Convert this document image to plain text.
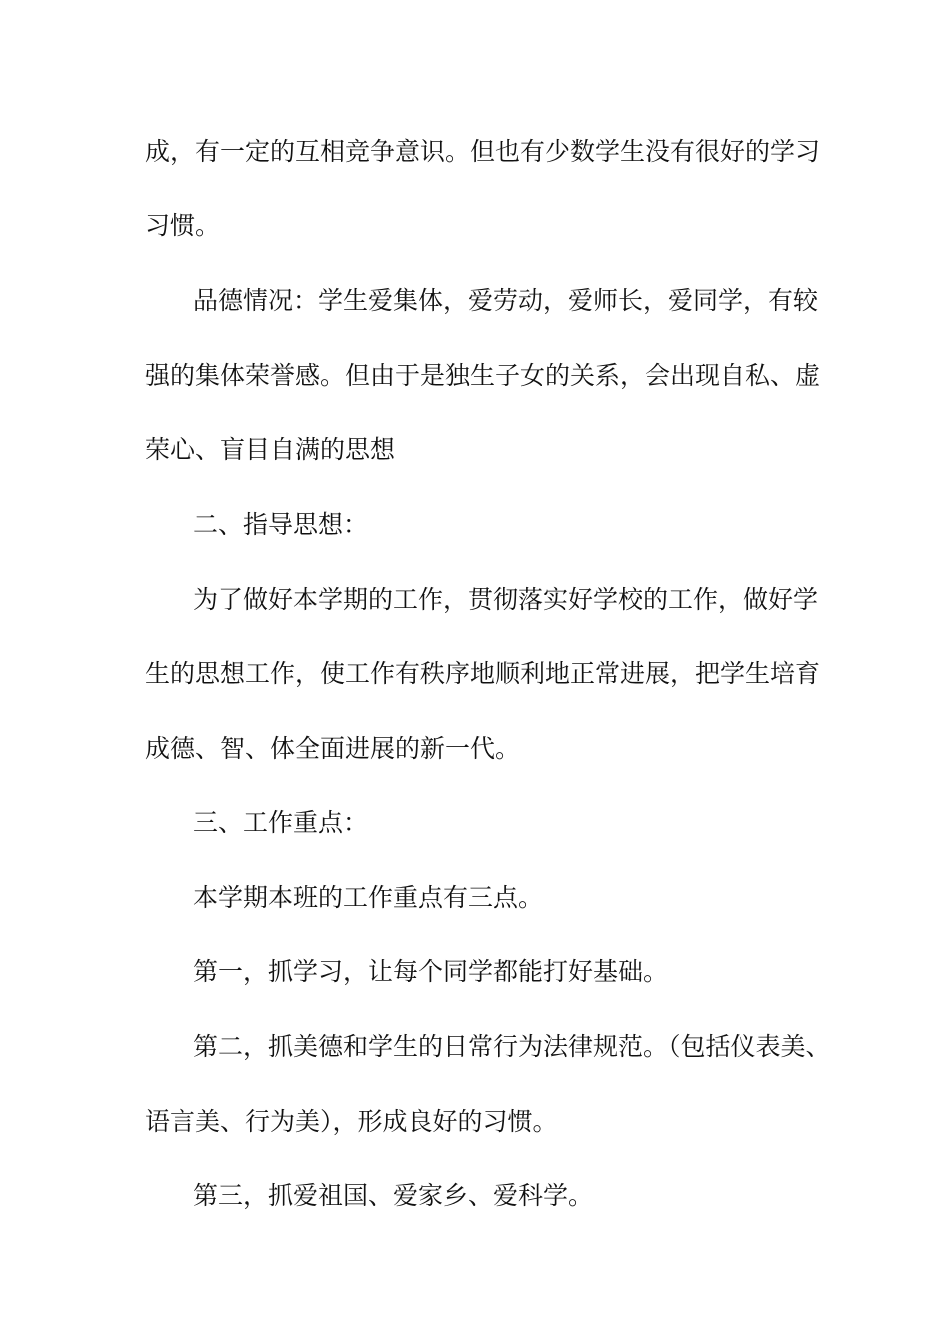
成，有一定的互相竞争意识。但也有少数学生没有很好的学习

习惯。

品德情况：学生爱集体，爱劳动，爱师长，爱同学，有较

强的集体荣誉感。但由于是独生子女的关系，会出现自私、虚

荣心、盲目自满的思想

二、指导思想：

为了做好本学期的工作，贯彻落实好学校的工作，做好学

生的思想工作，使工作有秩序地顺利地正常进展，把学生培育

成德、智、体全面进展的新一代。

三、工作重点：

本学期本班的工作重点有三点。

第一，抓学习，让每个同学都能打好基础。

第二，抓美德和学生的日常行为法律规范。（包括仪表美、

语言美、行为美），形成良好的习惯。

第三，抓爱祖国、爱家乡、爱科学。
